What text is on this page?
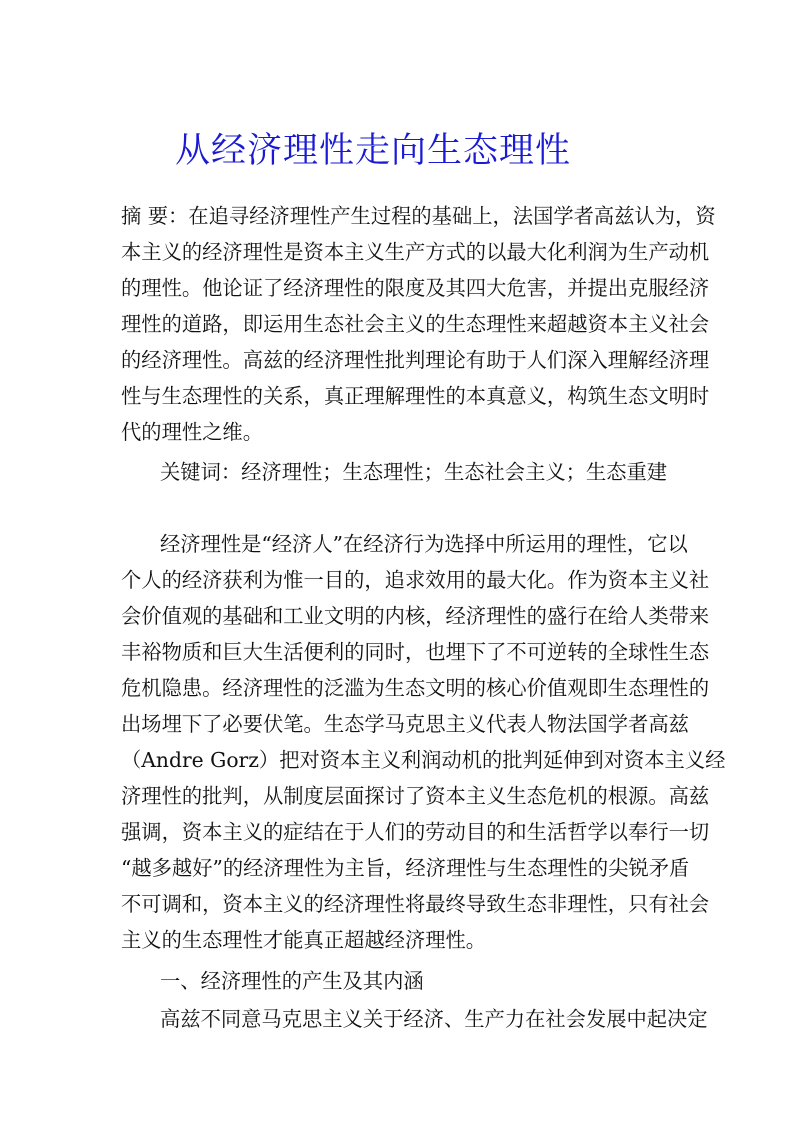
从经济理性走向生态理性

摘 要：在追寻经济理性产生过程的基础上，法国学者高兹认为，资

本主义的经济理性是资本主义生产方式的以最大化利润为生产动机

的理性。他论证了经济理性的限度及其四大危害，并提出克服经济

理性的道路，即运用生态社会主义的生态理性来超越资本主义社会

的经济理性。高兹的经济理性批判理论有助于人们深入理解经济理

性与生态理性的关系，真正理解理性的本真意义，构筑生态文明时

代的理性之维。

关键词：经济理性；生态理性；生态社会主义；生态重建

经济理性是“经济人”在经济行为选择中所运用的理性，它以

个人的经济获利为惟一目的，追求效用的最大化。作为资本主义社

会价值观的基础和工业文明的内核，经济理性的盛行在给人类带来

丰裕物质和巨大生活便利的同时，也埋下了不可逆转的全球性生态

危机隐患。经济理性的泛滥为生态文明的核心价值观即生态理性的

出场埋下了必要伏笔。生态学马克思主义代表人物法国学者高兹

（Andre Gorz）把对资本主义利润动机的批判延伸到对资本主义经

济理性的批判，从制度层面探讨了资本主义生态危机的根源。高兹

强调，资本主义的症结在于人们的劳动目的和生活哲学以奉行一切

“越多越好”的经济理性为主旨，经济理性与生态理性的尖锐矛盾

不可调和，资本主义的经济理性将最终导致生态非理性，只有社会

主义的生态理性才能真正超越经济理性。

一、经济理性的产生及其内涵

高兹不同意马克思主义关于经济、生产力在社会发展中起决定
